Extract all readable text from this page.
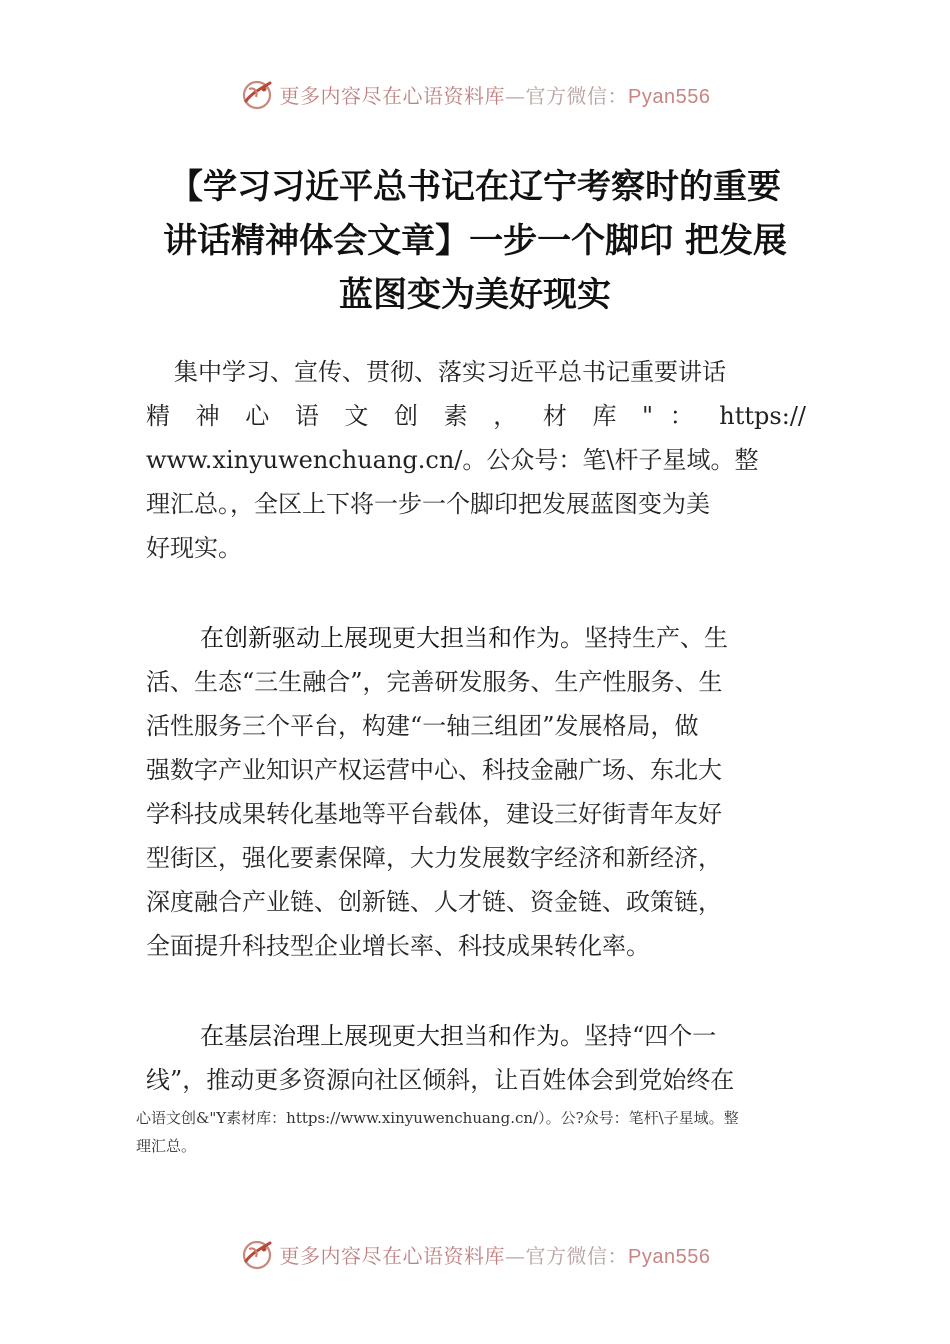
更多内容尽在心语资料库—官方微信：Pyan556
【学习习近平总书记在辽宁考察时的重要
讲话精神体会文章】一步一个脚印 把发展
蓝图变为美好现实
集中学习、宣传、贯彻、落实习近平总书记重要讲话
精 神 心 语 文 创 素 ， 材 库 " ： https://
www.xinyuwenchuang.cn/。公众号：笔\杆子星域。整
理汇总。，全区上下将一步一个脚印把发展蓝图变为美
好现实。
在创新驱动上展现更大担当和作为。坚持生产、生
活、生态“三生融合”，完善研发服务、生产性服务、生
活性服务三个平台，构建“一轴三组团”发展格局，做
强数字产业知识产权运营中心、科技金融广场、东北大
学科技成果转化基地等平台载体，建设三好街青年友好
型街区，强化要素保障，大力发展数字经济和新经济，
深度融合产业链、创新链、人才链、资金链、政策链，
全面提升科技型企业增长率、科技成果转化率。
在基层治理上展现更大担当和作为。坚持“四个一
线”，推动更多资源向社区倾斜，让百姓体会到党始终在
心语文创&"Y素材库：https://www.xinyuwenchuang.cn/）。公?众号：笔杆\子星域。整
理汇总。
更多内容尽在心语资料库—官方微信：Pyan556
